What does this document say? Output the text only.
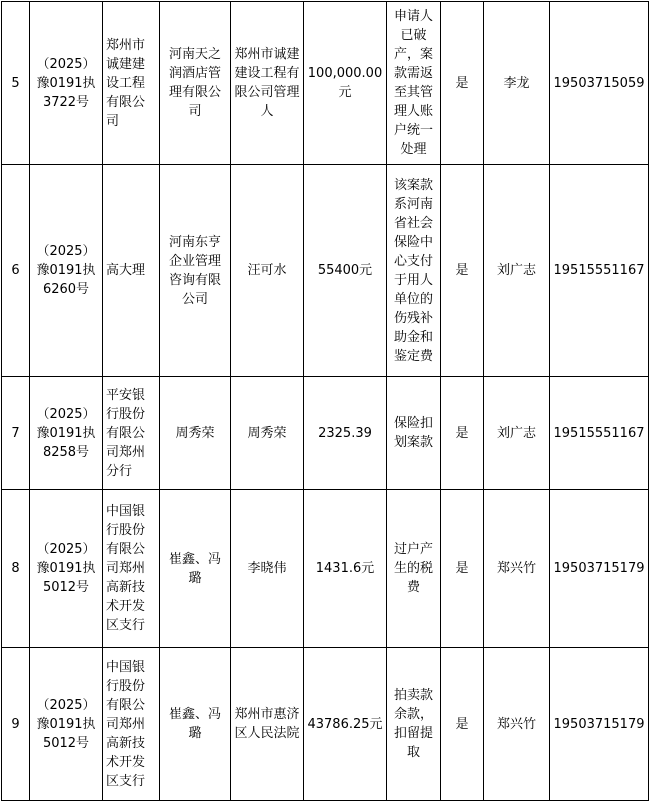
5	（2025）豫0191执3722号	郑州市诚建建设工程有限公司	河南天之润酒店管理有限公司	郑州市诚建建设工程有限公司管理人	100,000.00元	申请人已破产，案款需返至其管理人账户统一处理	是	李龙	19503715059
6	（2025）豫0191执6260号	高大理	河南东亨企业管理咨询有限公司	汪可水	55400元	该案款系河南省社会保险中心支付于用人单位的伤残补助金和鉴定费	是	刘广志	19515551167
7	（2025）豫0191执8258号	平安银行股份有限公司郑州分行	周秀荣	周秀荣	2325.39	保险扣划案款	是	刘广志	19515551167
8	（2025）豫0191执5012号	中国银行股份有限公司郑州高新技术开发区支行	崔鑫、冯璐	李晓伟	1431.6元	过户产生的税费	是	郑兴竹	19503715179
9	（2025）豫0191执5012号	中国银行股份有限公司郑州高新技术开发区支行	崔鑫、冯璐	郑州市惠济区人民法院	43786.25元	拍卖款余款，扣留提取	是	郑兴竹	19503715179
